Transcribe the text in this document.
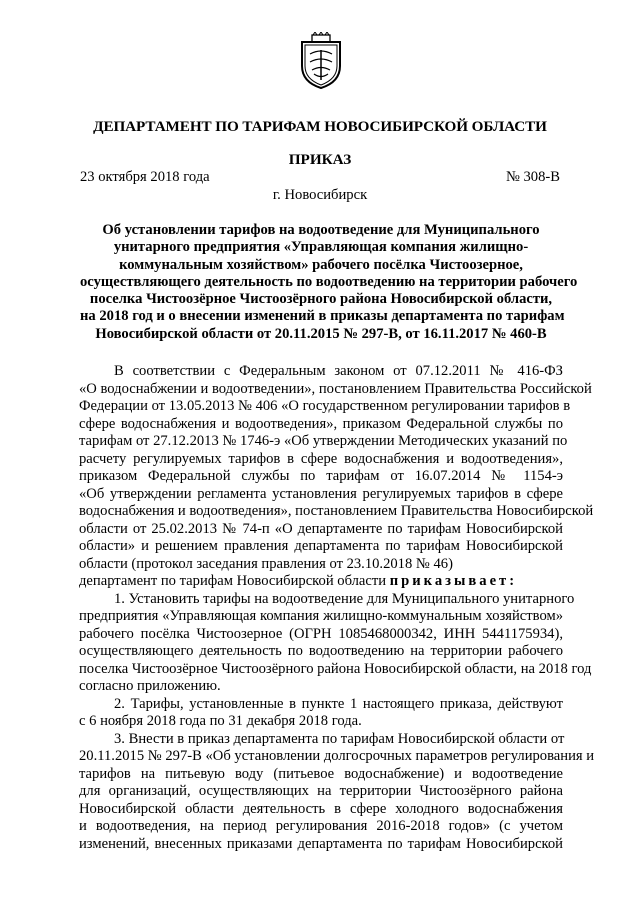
ДЕПАРТАМЕНТ ПО ТАРИФАМ НОВОСИБИРСКОЙ ОБЛАСТИ
ПРИКАЗ
23 октября 2018 года	№ 308-В
г. Новосибирск
Об установлении тарифов на водоотведение для Муниципального
унитарного предприятия «Управляющая компания жилищно-
коммунальным хозяйством» рабочего посёлка Чистоозерное,
осуществляющего деятельность по водоотведению на территории рабочего
поселка Чистоозёрное Чистоозёрного района Новосибирской области,
на 2018 год и о внесении изменений в приказы департамента по тарифам
Новосибирской области от 20.11.2015 № 297-В, от 16.11.2017 № 460-В
В соответствии с Федеральным законом от 07.12.2011 № 416-ФЗ
«О водоснабжении и водоотведении», постановлением Правительства Российской
Федерации от 13.05.2013 № 406 «О государственном регулировании тарифов в
сфере водоснабжения и водоотведения», приказом Федеральной службы по
тарифам от 27.12.2013 № 1746-э «Об утверждении Методических указаний по
расчету регулируемых тарифов в сфере водоснабжения и водоотведения»,
приказом Федеральной службы по тарифам от 16.07.2014 № 1154-э
«Об утверждении регламента установления регулируемых тарифов в сфере
водоснабжения и водоотведения», постановлением Правительства Новосибирской
области от 25.02.2013 № 74-п «О департаменте по тарифам Новосибирской
области» и решением правления департамента по тарифам Новосибирской
области (протокол заседания правления от 23.10.2018 № 46)
департамент по тарифам Новосибирской области приказывает:
1. Установить тарифы на водоотведение для Муниципального унитарного
предприятия «Управляющая компания жилищно-коммунальным хозяйством»
рабочего посёлка Чистоозерное (ОГРН 1085468000342, ИНН 5441175934),
осуществляющего деятельность по водоотведению на территории рабочего
поселка Чистоозёрное Чистоозёрного района Новосибирской области, на 2018 год
согласно приложению.
2. Тарифы, установленные в пункте 1 настоящего приказа, действуют
с 6 ноября 2018 года по 31 декабря 2018 года.
3. Внести в приказ департамента по тарифам Новосибирской области от
20.11.2015 № 297-В «Об установлении долгосрочных параметров регулирования и
тарифов на питьевую воду (питьевое водоснабжение) и водоотведение
для организаций, осуществляющих на территории Чистоозёрного района
Новосибирской области деятельность в сфере холодного водоснабжения
и водоотведения, на период регулирования 2016-2018 годов» (с учетом
изменений, внесенных приказами департамента по тарифам Новосибирской
